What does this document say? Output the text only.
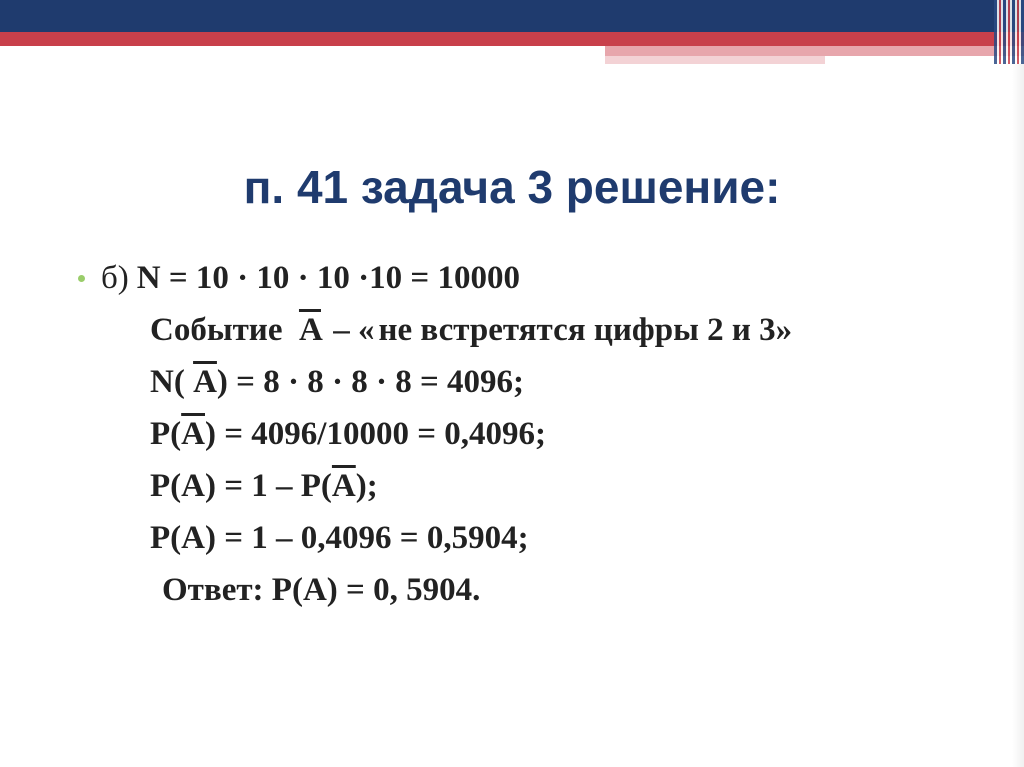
п. 41 задача 3 решение:
б) N = 10 · 10 · 10 ·10 = 10000
Событие $\overline{A}$ – « не встретятся цифры 2 и 3»
N( $\overline{A}) = 8 \cdot 8 \cdot 8 \cdot 8 = 4096$;
$P(\overline{A}) = 4096/10000 = 0,4096$;
$P(A) = 1 - P(\overline{A})$;
P(A) = 1 – 0,4096 = 0,5904;
Ответ: P(A) = 0, 5904.
